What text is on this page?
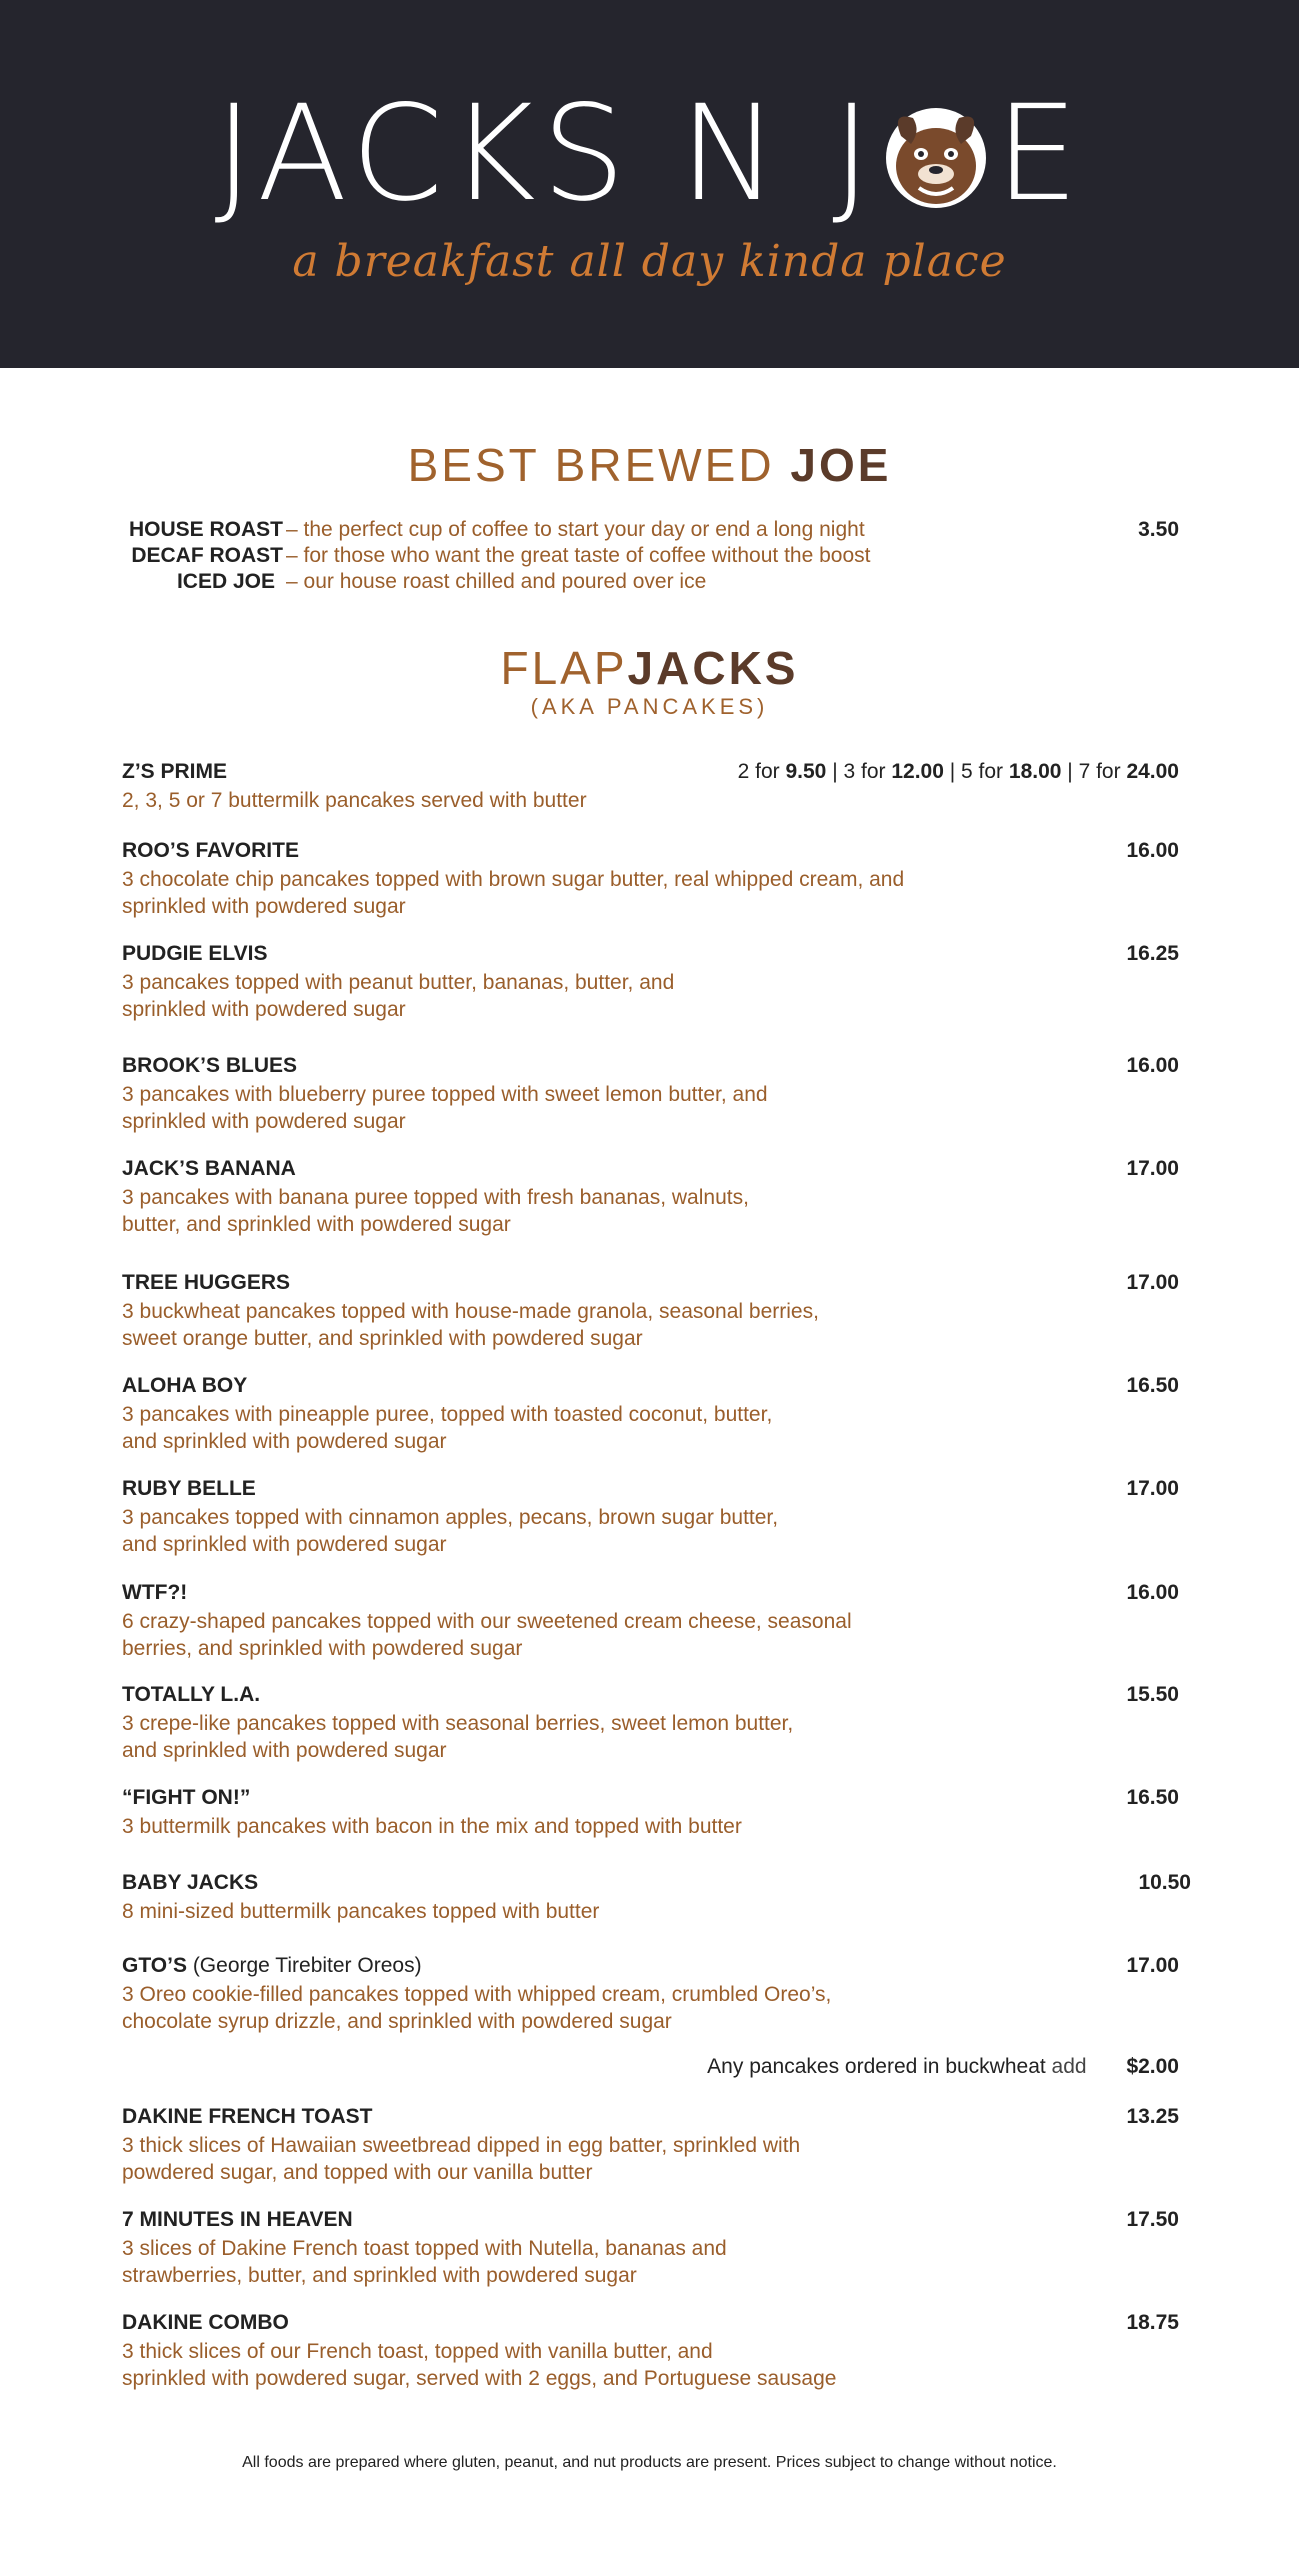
JACKS N J E
a breakfast all day kinda place
BEST BREWED JOE
HOUSE ROAST – the perfect cup of coffee to start your day or end a long night	3.50
DECAF ROAST – for those who want the great taste of coffee without the boost
ICED JOE – our house roast chilled and poured over ice
FLAPJACKS
(AKA PANCAKES)
Z’S PRIME
2, 3, 5 or 7 buttermilk pancakes served with butter
2 for 9.50 | 3 for 12.00 | 5 for 18.00 | 7 for 24.00
ROO’S FAVORITE
3 chocolate chip pancakes topped with brown sugar butter, real whipped cream, and
sprinkled with powdered sugar
16.00
PUDGIE ELVIS
3 pancakes topped with peanut butter, bananas, butter, and
sprinkled with powdered sugar
16.25
BROOK’S BLUES
3 pancakes with blueberry puree topped with sweet lemon butter, and
sprinkled with powdered sugar
16.00
JACK’S BANANA
3 pancakes with banana puree topped with fresh bananas, walnuts,
butter, and sprinkled with powdered sugar
17.00
TREE HUGGERS
3 buckwheat pancakes topped with house-made granola, seasonal berries,
sweet orange butter, and sprinkled with powdered sugar
17.00
ALOHA BOY
3 pancakes with pineapple puree, topped with toasted coconut, butter,
and sprinkled with powdered sugar
16.50
RUBY BELLE
3 pancakes topped with cinnamon apples, pecans, brown sugar butter,
and sprinkled with powdered sugar
17.00
WTF?!
6 crazy-shaped pancakes topped with our sweetened cream cheese, seasonal
berries, and sprinkled with powdered sugar
16.00
TOTALLY L.A.
3 crepe-like pancakes topped with seasonal berries, sweet lemon butter,
and sprinkled with powdered sugar
15.50
“FIGHT ON!”
3 buttermilk pancakes with bacon in the mix and topped with butter
16.50
BABY JACKS
8 mini-sized buttermilk pancakes topped with butter
10.50
GTO’S (George Tirebiter Oreos)
3 Oreo cookie-filled pancakes topped with whipped cream, crumbled Oreo’s,
chocolate syrup drizzle, and sprinkled with powdered sugar
17.00
Any pancakes ordered in buckwheat add $2.00
DAKINE FRENCH TOAST
3 thick slices of Hawaiian sweetbread dipped in egg batter, sprinkled with
powdered sugar, and topped with our vanilla butter
13.25
7 MINUTES IN HEAVEN
3 slices of Dakine French toast topped with Nutella, bananas and
strawberries, butter, and sprinkled with powdered sugar
17.50
DAKINE COMBO
3 thick slices of our French toast, topped with vanilla butter, and
sprinkled with powdered sugar, served with 2 eggs, and Portuguese sausage
18.75
All foods are prepared where gluten, peanut, and nut products are present. Prices subject to change without notice.
